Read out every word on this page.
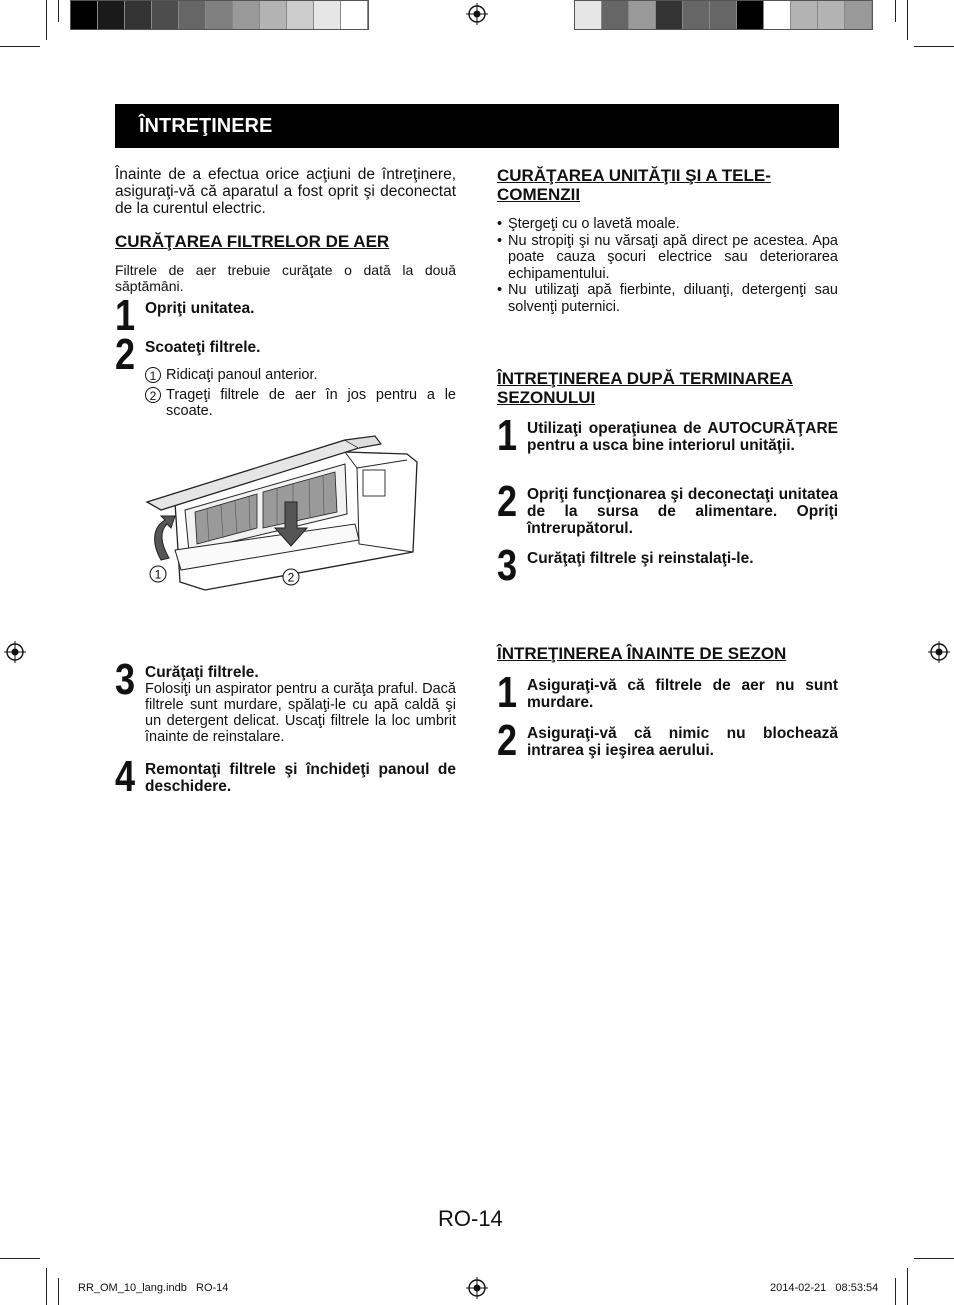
ÎNTREŢINERE

Înainte de a efectua orice acţiuni de întreţinere, asiguraţi-vă că aparatul a fost oprit şi deconectat de la curentul electric.

CURĂŢAREA FILTRELOR DE AER

Filtrele de aer trebuie curăţate o dată la două săptămâni.

1 Opriţi unitatea.
2 Scoateţi filtrele.
1 Ridicaţi panoul anterior.
2 Trageţi filtrele de aer în jos pentru a le scoate.
1	2
3 Curăţaţi filtrele.
Folosiţi un aspirator pentru a curăţa praful. Dacă filtrele sunt murdare, spălaţi-le cu apă caldă şi un detergent delicat. Uscaţi filtrele la loc umbrit înainte de reinstalare.
4 Remontaţi filtrele şi închideţi panoul de deschidere.

CURĂŢAREA UNITĂŢII ŞI A TELECOMENZII

• Ştergeţi cu o lavetă moale.
• Nu stropiţi şi nu vărsaţi apă direct pe acestea. Apa poate cauza şocuri electrice sau deteriorarea echipamentului.
• Nu utilizaţi apă fierbinte, diluanţi, detergenţi sau solvenţi puternici.

ÎNTREŢINEREA DUPĂ TERMINAREA SEZONULUI

1 Utilizaţi operaţiunea de AUTOCURĂŢARE pentru a usca bine interiorul unităţii.
2 Opriţi funcţionarea şi deconectaţi unitatea de la sursa de alimentare. Opriţi întrerupătorul.
3 Curăţaţi filtrele şi reinstalaţi-le.

ÎNTREŢINEREA ÎNAINTE DE SEZON

1 Asiguraţi-vă că filtrele de aer nu sunt murdare.
2 Asiguraţi-vă că nimic nu blochează intrarea şi ieşirea aerului.
RO-14
RR_OM_10_lang.indb   RO-14	2014-02-21   08:53:54
